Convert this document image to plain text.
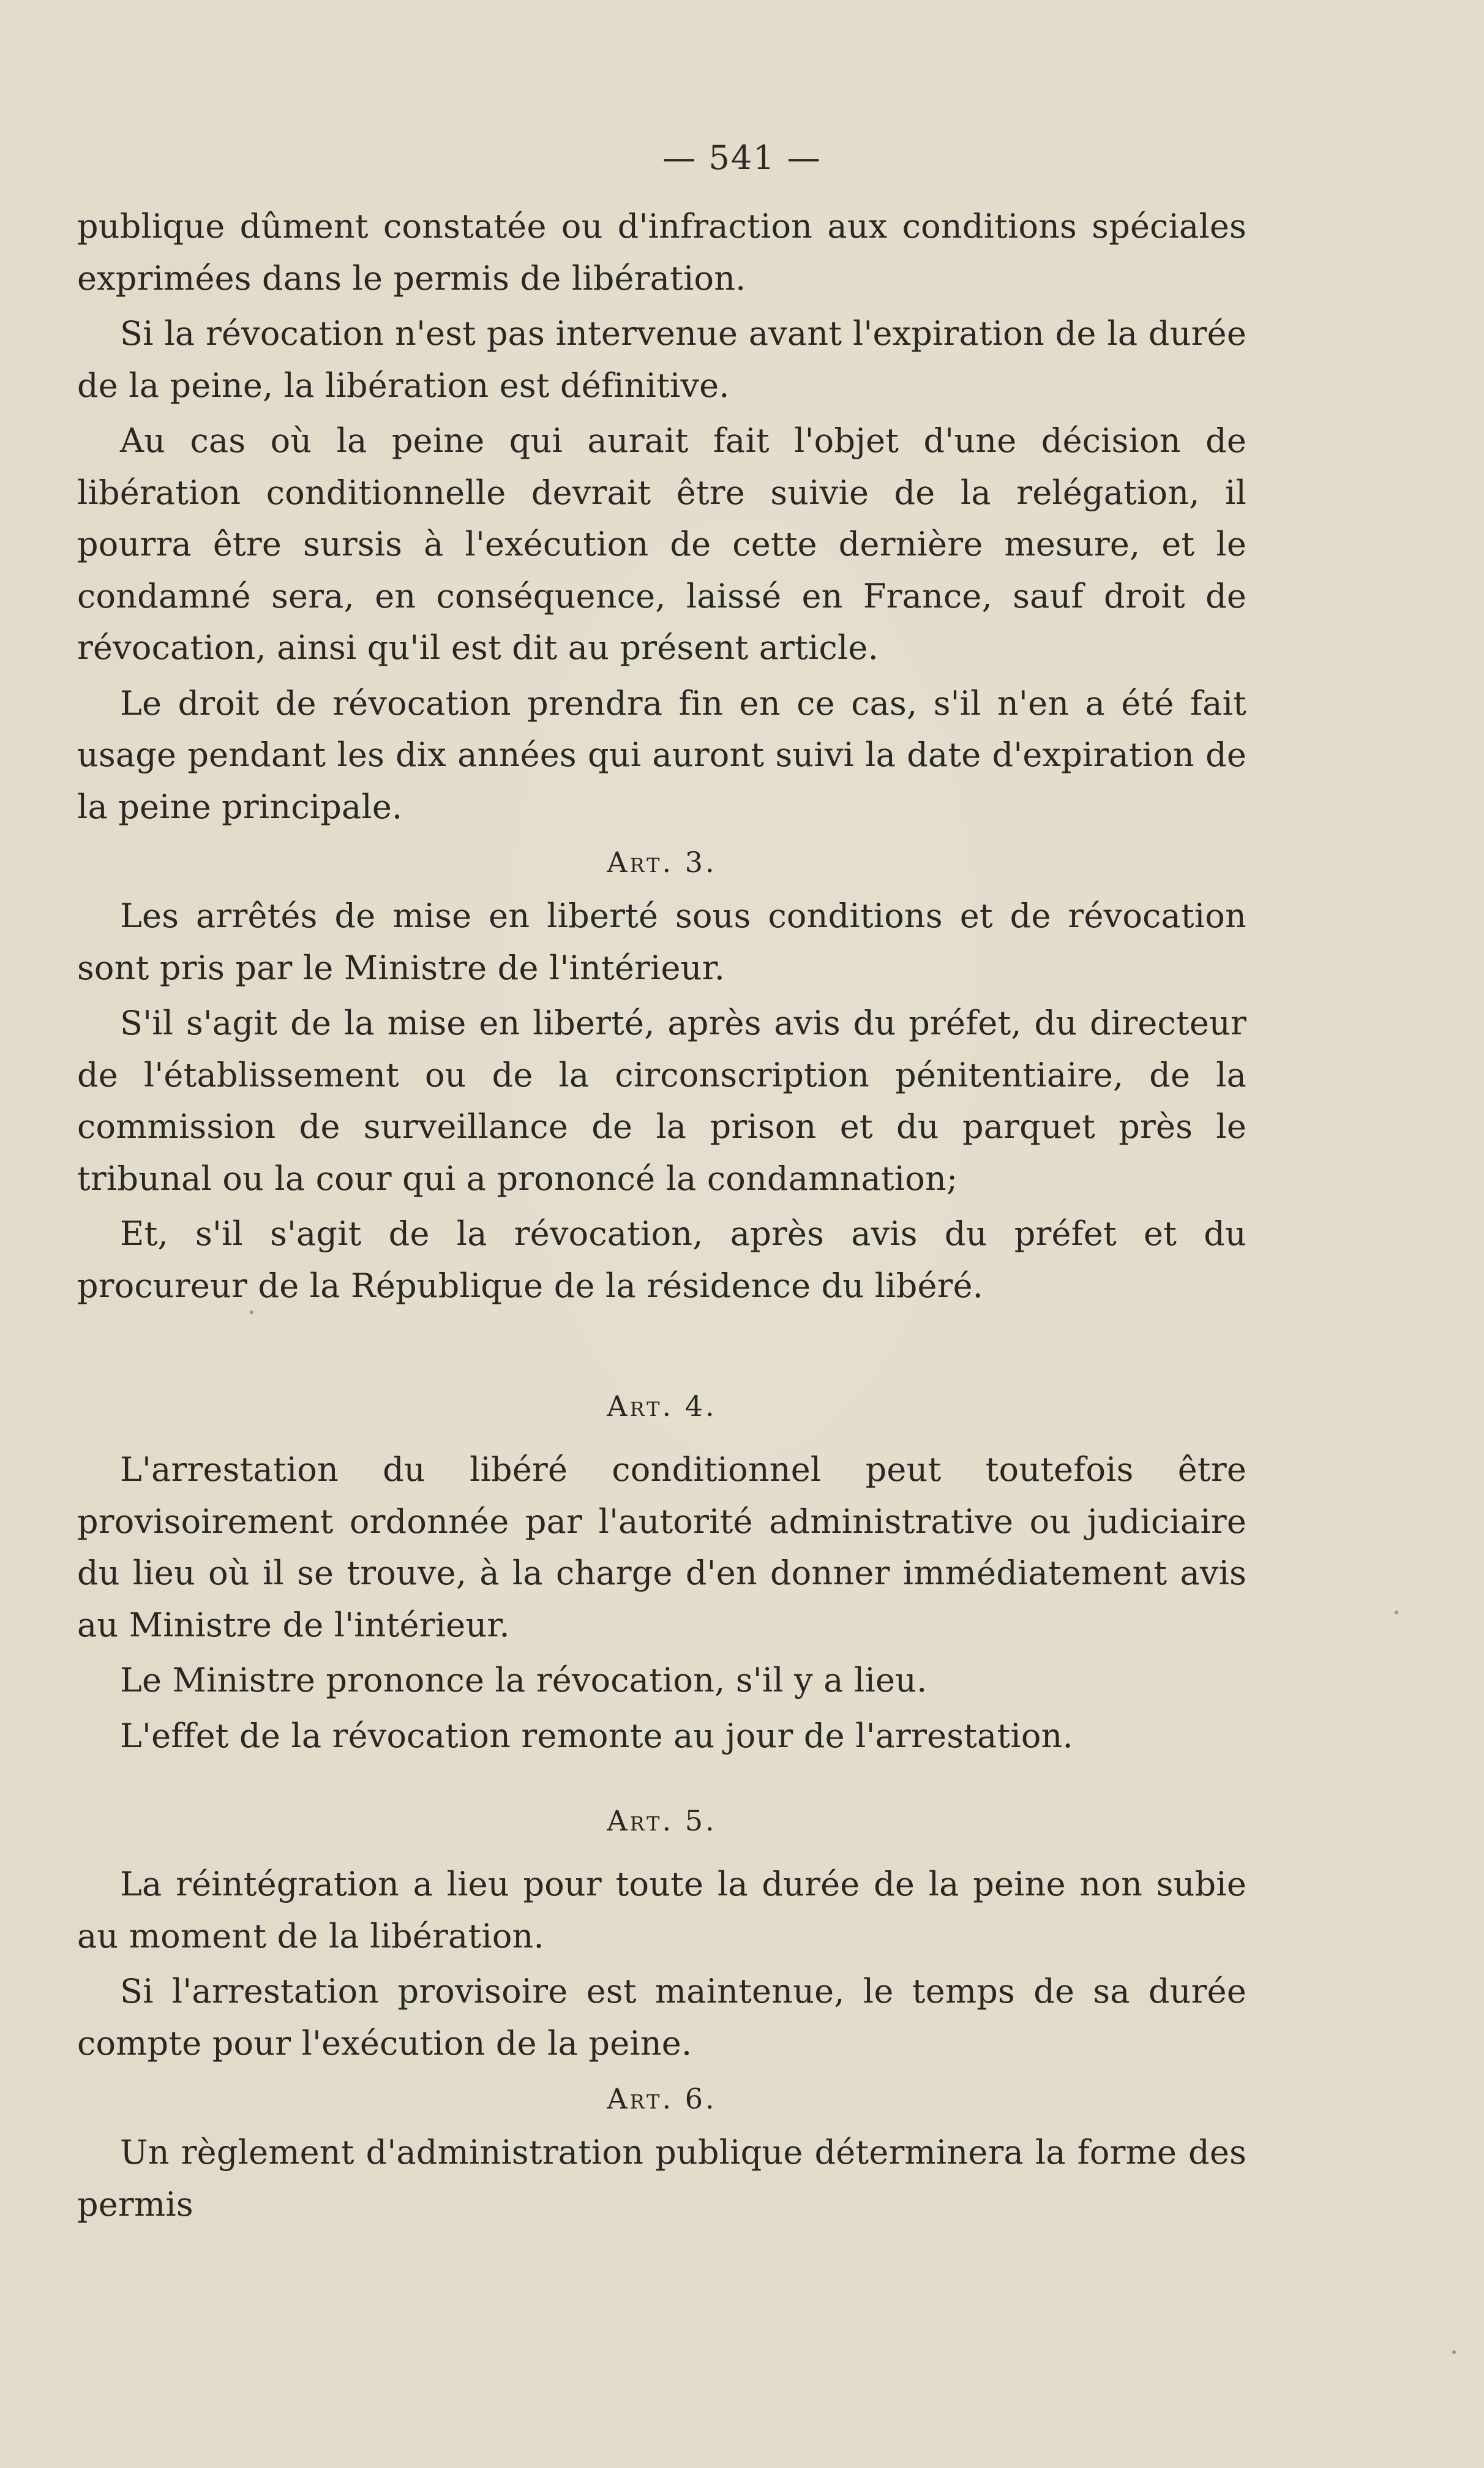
— 541 —

publique dûment constatée ou d'infraction aux conditions spéciales exprimées dans le permis de libération.

Si la révocation n'est pas intervenue avant l'expiration de la durée de la peine, la libération est définitive.

Au cas où la peine qui aurait fait l'objet d'une décision de libération conditionnelle devrait être suivie de la relégation, il pourra être sursis à l'exécution de cette dernière mesure, et le condamné sera, en conséquence, laissé en France, sauf droit de révocation, ainsi qu'il est dit au présent article.

Le droit de révocation prendra fin en ce cas, s'il n'en a été fait usage pendant les dix années qui auront suivi la date d'expiration de la peine principale.

Art. 3.

Les arrêtés de mise en liberté sous conditions et de révocation sont pris par le Ministre de l'intérieur.

S'il s'agit de la mise en liberté, après avis du préfet, du directeur de l'établissement ou de la circonscription pénitentiaire, de la commission de surveillance de la prison et du parquet près le tribunal ou la cour qui a prononcé la condamnation;

Et, s'il s'agit de la révocation, après avis du préfet et du procureur de la République de la résidence du libéré.

Art. 4.

L'arrestation du libéré conditionnel peut toutefois être provisoirement ordonnée par l'autorité administrative ou judiciaire du lieu où il se trouve, à la charge d'en donner immédiatement avis au Ministre de l'intérieur.

Le Ministre prononce la révocation, s'il y a lieu.

L'effet de la révocation remonte au jour de l'arrestation.

Art. 5.

La réintégration a lieu pour toute la durée de la peine non subie au moment de la libération.

Si l'arrestation provisoire est maintenue, le temps de sa durée compte pour l'exécution de la peine.

Art. 6.

Un règlement d'administration publique déterminera la forme des permis
